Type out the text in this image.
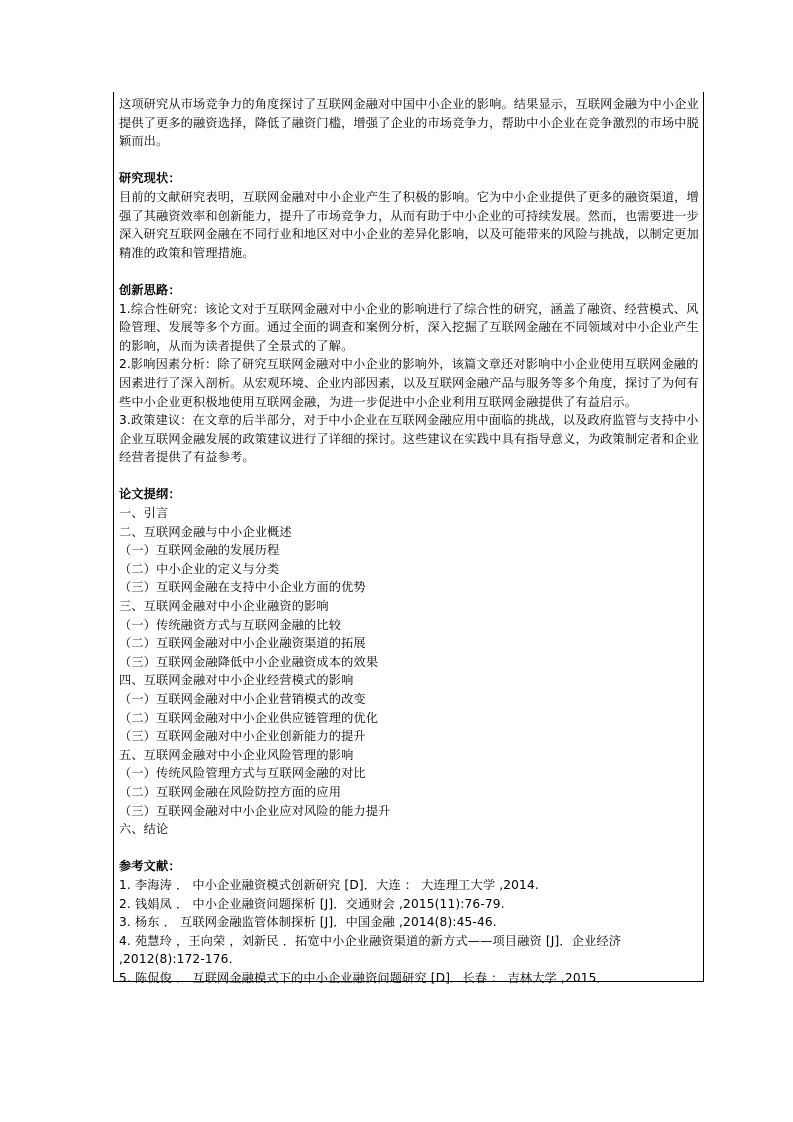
这项研究从市场竞争力的角度探讨了互联网金融对中国中小企业的影响。结果显示，互联网金融为中小企业提供了更多的融资选择，降低了融资门槛，增强了企业的市场竞争力，帮助中小企业在竞争激烈的市场中脱颖而出。

研究现状：

目前的文献研究表明，互联网金融对中小企业产生了积极的影响。它为中小企业提供了更多的融资渠道，增强了其融资效率和创新能力，提升了市场竞争力，从而有助于中小企业的可持续发展。然而，也需要进一步深入研究互联网金融在不同行业和地区对中小企业的差异化影响，以及可能带来的风险与挑战，以制定更加精准的政策和管理措施。

创新思路：

1.综合性研究：该论文对于互联网金融对中小企业的影响进行了综合性的研究，涵盖了融资、经营模式、风险管理、发展等多个方面。通过全面的调查和案例分析，深入挖掘了互联网金融在不同领域对中小企业产生的影响，从而为读者提供了全景式的了解。

2.影响因素分析：除了研究互联网金融对中小企业的影响外，该篇文章还对影响中小企业使用互联网金融的因素进行了深入剖析。从宏观环境、企业内部因素，以及互联网金融产品与服务等多个角度，探讨了为何有些中小企业更积极地使用互联网金融，为进一步促进中小企业利用互联网金融提供了有益启示。

3.政策建议：在文章的后半部分，对于中小企业在互联网金融应用中面临的挑战，以及政府监管与支持中小企业互联网金融发展的政策建议进行了详细的探讨。这些建议在实践中具有指导意义，为政策制定者和企业经营者提供了有益参考。

论文提纲：

一、引言

二、互联网金融与中小企业概述

（一）互联网金融的发展历程

（二）中小企业的定义与分类

（三）互联网金融在支持中小企业方面的优势

三、互联网金融对中小企业融资的影响

（一）传统融资方式与互联网金融的比较

（二）互联网金融对中小企业融资渠道的拓展

（三）互联网金融降低中小企业融资成本的效果

四、互联网金融对中小企业经营模式的影响

（一）互联网金融对中小企业营销模式的改变

（二）互联网金融对中小企业供应链管理的优化

（三）互联网金融对中小企业创新能力的提升

五、互联网金融对中小企业风险管理的影响

（一）传统风险管理方式与互联网金融的对比

（二）互联网金融在风险防控方面的应用

（三）互联网金融对中小企业应对风险的能力提升

六、结论

参考文献：

1. 李海涛 ． 中小企业融资模式创新研究 [D]．大连 ： 大连理工大学 ,2014.

2. 钱娟凤 ． 中小企业融资问题探析 [J]．交通财会 ,2015(11):76-79.

3. 杨东 ． 互联网金融监管体制探析 [J]．中国金融 ,2014(8):45-46.

4. 苑慧玲 ，王向荣 ，刘新民 ．拓宽中小企业融资渠道的新方式——项目融资 [J]．企业经济 ,2012(8):172-176.

5. 陈侃俊 ． 互联网金融模式下的中小企业融资问题研究 [D]．长春 ： 吉林大学 ,2015．
